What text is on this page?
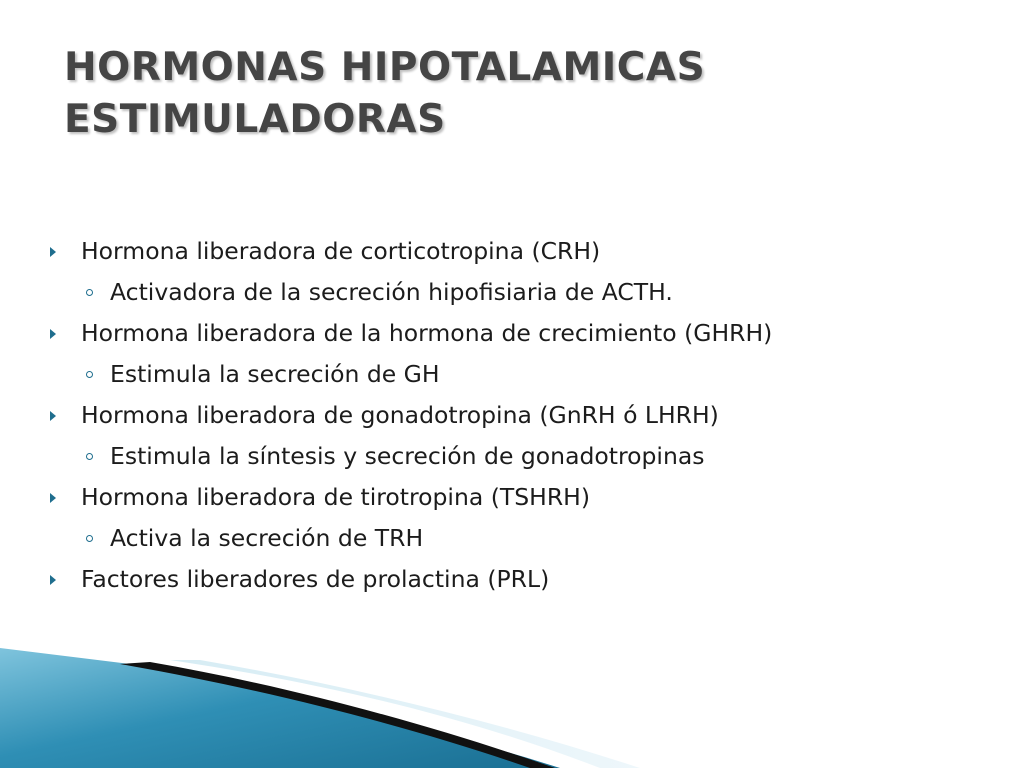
HORMONAS HIPOTALAMICAS
ESTIMULADORAS
Hormona liberadora de corticotropina (CRH)
Activadora de la secreción hipofisiaria de ACTH.
Hormona liberadora de la hormona de crecimiento (GHRH)
Estimula la secreción de GH
Hormona liberadora de gonadotropina (GnRH ó LHRH)
Estimula la síntesis y secreción de gonadotropinas
Hormona liberadora de tirotropina (TSHRH)
Activa la secreción de TRH
Factores liberadores de prolactina (PRL)
